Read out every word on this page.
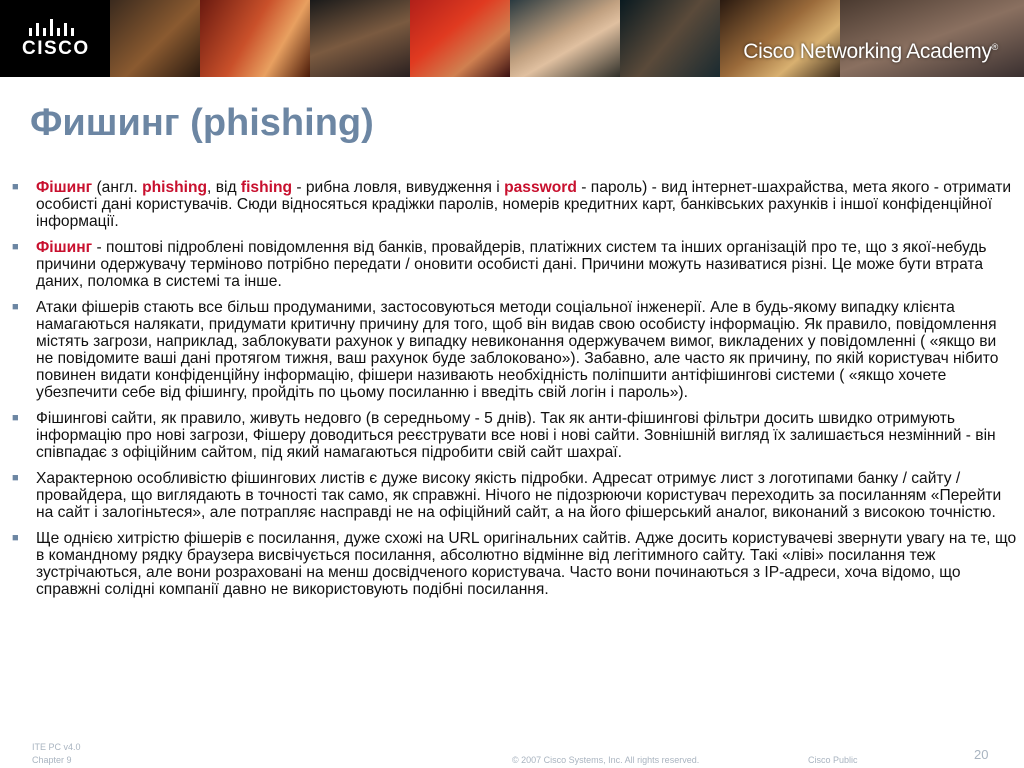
CISCO	Cisco Networking Academy®
Фишинг (phishing)
■ Фішинг (англ. phishing, від fishing - рибна ловля, вивудження і password - пароль) - вид інтернет-шахрайства, мета якого - отримати особисті дані користувачів. Сюди відносяться крадіжки паролів, номерів кредитних карт, банківських рахунків і іншої конфіденційної інформації.
■ Фішинг - поштові підроблені повідомлення від банків, провайдерів, платіжних систем та інших організацій про те, що з якої-небудь причини одержувачу терміново потрібно передати / оновити особисті дані. Причини можуть називатися різні. Це може бути втрата даних, поломка в системі та інше.
■ Атаки фішерів стають все більш продуманими, застосовуються методи соціальної інженерії. Але в будь-якому випадку клієнта намагаються налякати, придумати критичну причину для того, щоб він видав свою особисту інформацію. Як правило, повідомлення містять загрози, наприклад, заблокувати рахунок у випадку невиконання одержувачем вимог, викладених у повідомленні ( «якщо ви не повідомите ваші дані протягом тижня, ваш рахунок буде заблоковано»). Забавно, але часто як причину, по якій користувач нібито повинен видати конфіденційну інформацію, фішери називають необхідність поліпшити антіфішингові системи ( «якщо хочете убезпечити себе від фішингу, пройдіть по цьому посиланню і введіть свій логін і пароль»).
■ Фішингові сайти, як правило, живуть недовго (в середньому - 5 днів). Так як анти-фішингові фільтри досить швидко отримують інформацію про нові загрози, Фішеру доводиться реєструвати все нові і нові сайти. Зовнішній вигляд їх залишається незмінний - він співпадає з офіційним сайтом, під який намагаються підробити свій сайт шахраї.
■ Характерною особливістю фішингових листів є дуже високу якість підробки. Адресат отримує лист з логотипами банку / сайту / провайдера, що виглядають в точності так само, як справжні. Нічого не підозрюючи користувач переходить за посиланням «Перейти на сайт і залогіньтеся», але потрапляє насправді не на офіційний сайт, а на його фішерський аналог, виконаний з високою точністю.
■ Ще однією хитрістю фішерів є посилання, дуже схожі на URL оригінальних сайтів. Адже досить користувачеві звернути увагу на те, що в командному рядку браузера висвічується посилання, абсолютно відмінне від легітимного сайту. Такі «ліві» посилання теж зустрічаються, але вони розраховані на менш досвідченого користувача. Часто вони починаються з IP-адреси, хоча відомо, що справжні солідні компанії давно не використовують подібні посилання.
ITE PC v4.0
Chapter 9	© 2007 Cisco Systems, Inc. All rights reserved.	Cisco Public	20
